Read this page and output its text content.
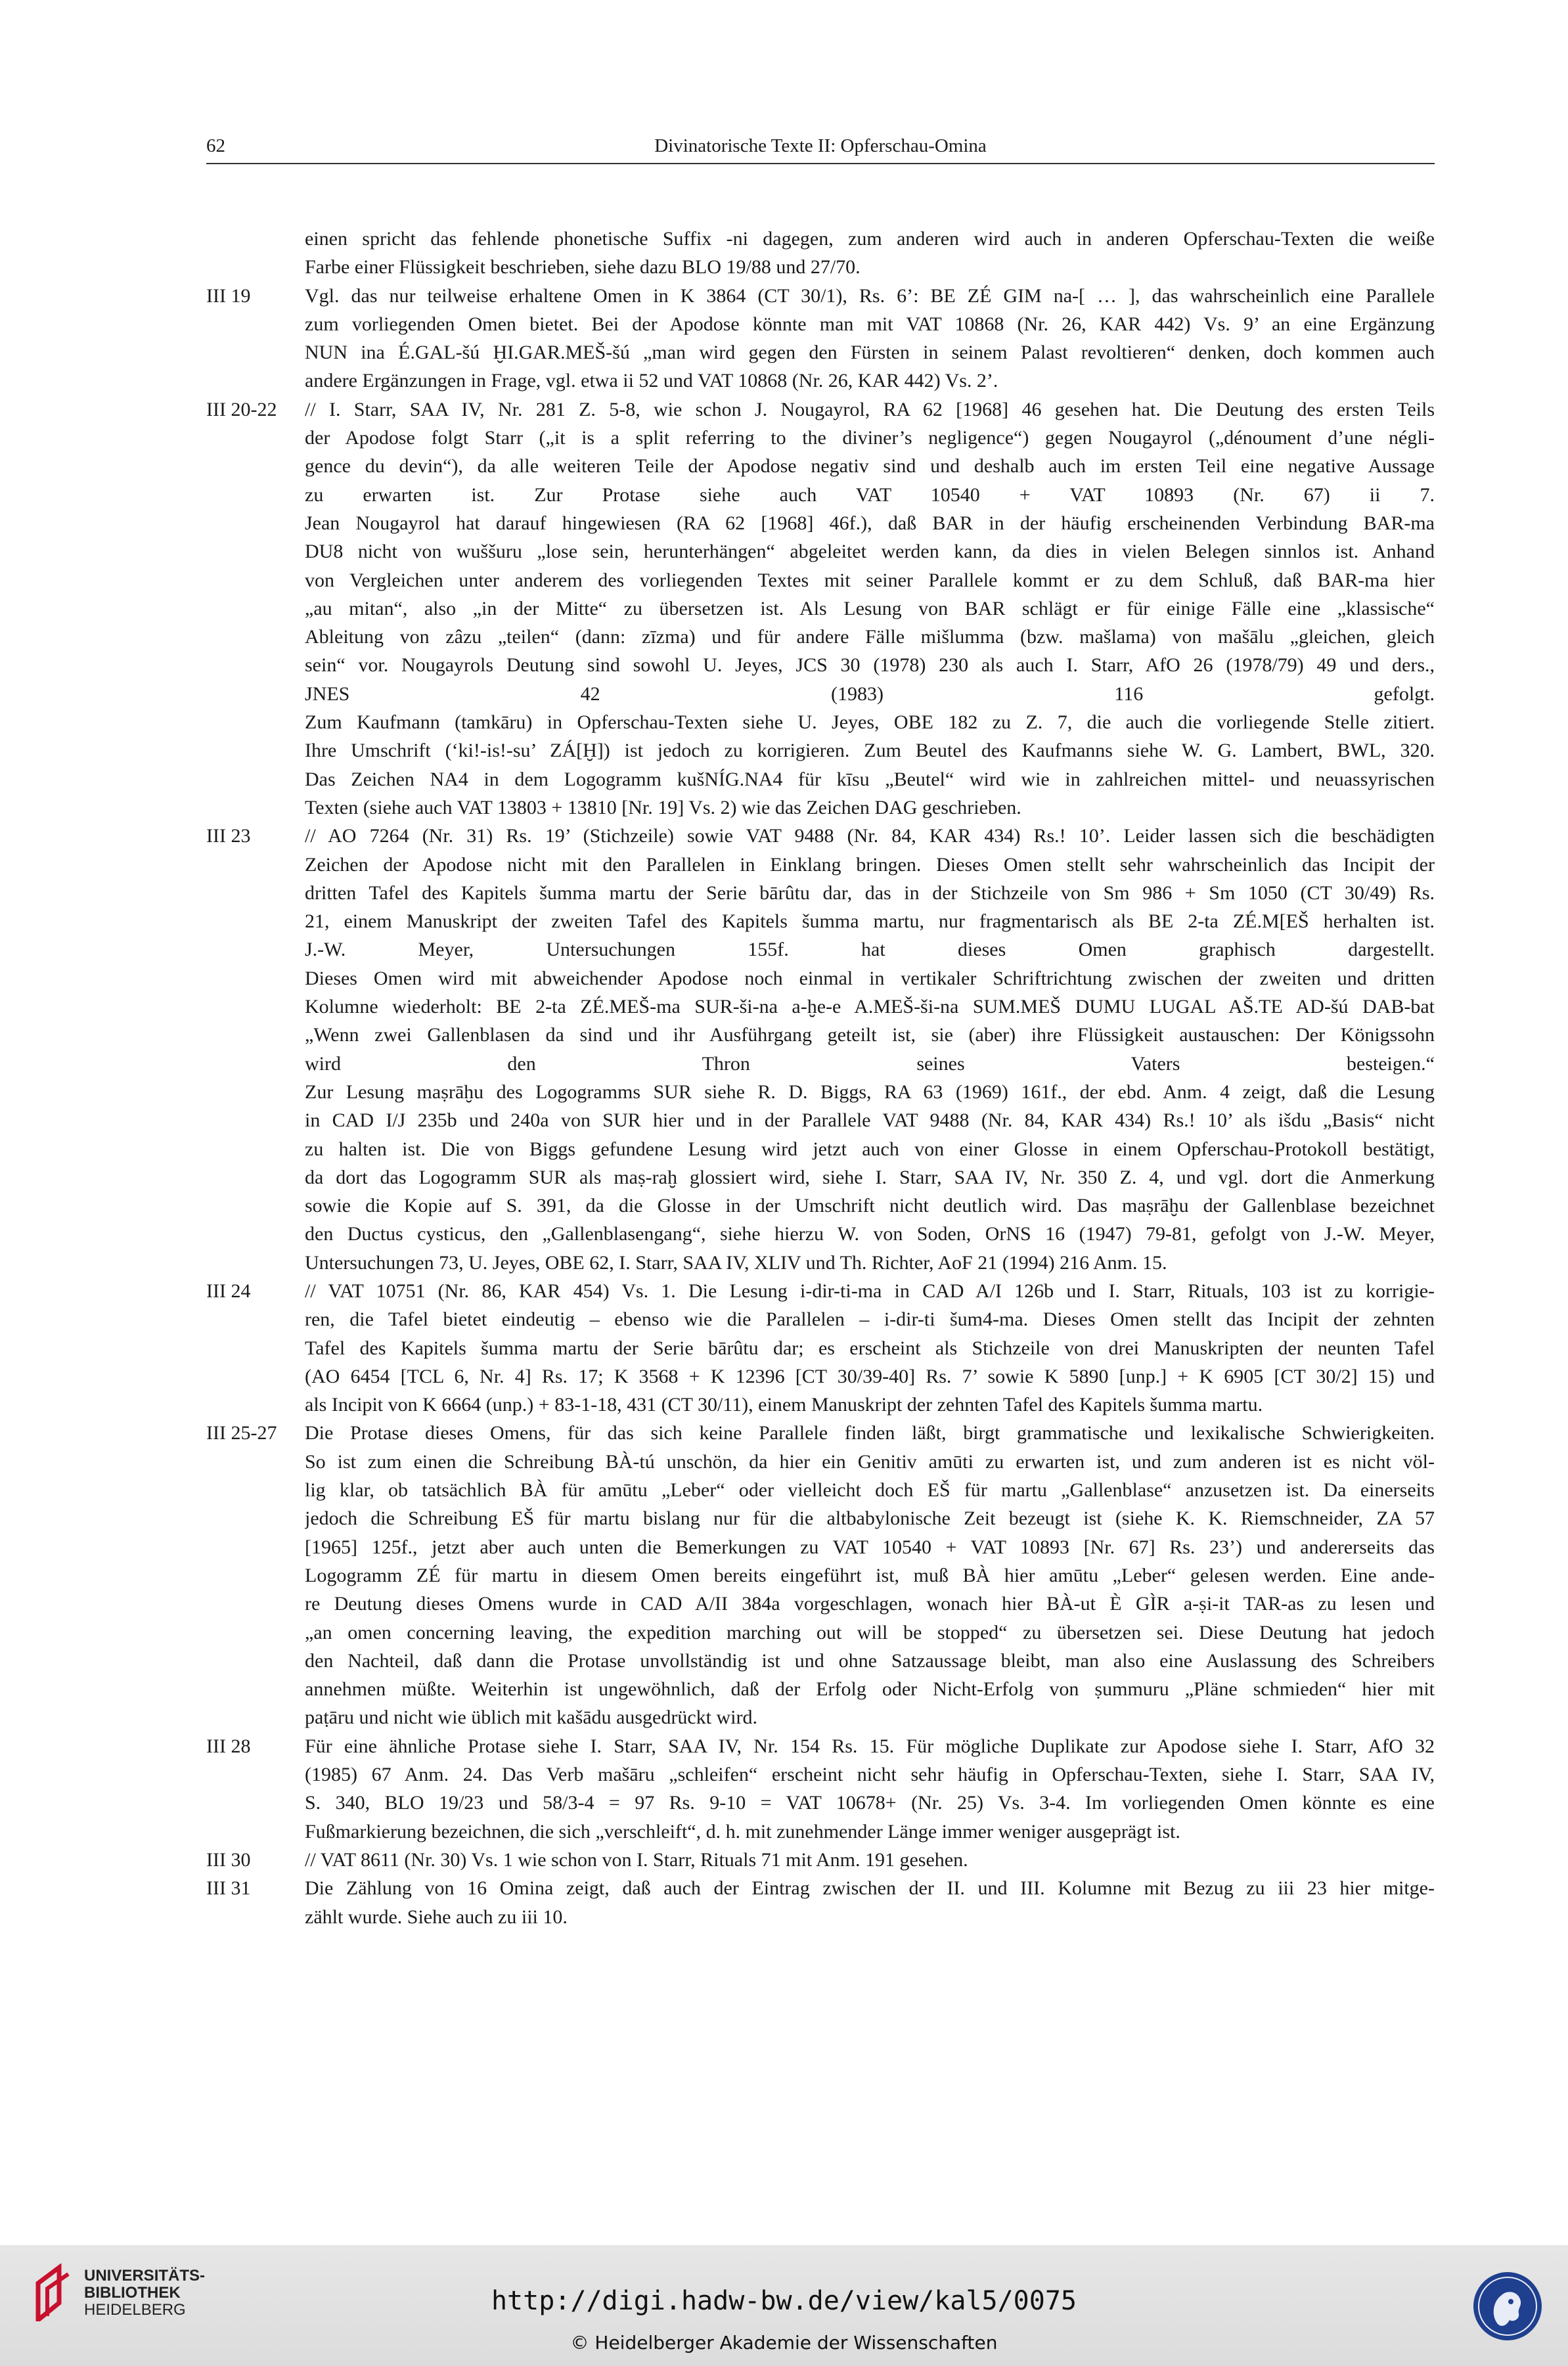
62	Divinatorische Texte II: Opferschau-Omina
einen spricht das fehlende phonetische Suffix -ni dagegen, zum anderen wird auch in anderen Opferschau-Texten die weiße
Farbe einer Flüssigkeit beschrieben, siehe dazu BLO 19/88 und 27/70.
III 19	Vgl. das nur teilweise erhaltene Omen in K 3864 (CT 30/1), Rs. 6’: BE ZÉ GIM na-[ … ], das wahrscheinlich eine Parallele
zum vorliegenden Omen bietet. Bei der Apodose könnte man mit VAT 10868 (Nr. 26, KAR 442) Vs. 9’ an eine Ergänzung
NUN ina É.GAL-šú ḪI.GAR.MEŠ-šú „man wird gegen den Fürsten in seinem Palast revoltieren“ denken, doch kommen auch
andere Ergänzungen in Frage, vgl. etwa ii 52 und VAT 10868 (Nr. 26, KAR 442) Vs. 2’.
III 20-22 // I. Starr, SAA IV, Nr. 281 Z. 5-8, wie schon J. Nougayrol, RA 62 [1968] 46 gesehen hat. Die Deutung des ersten Teils
der Apodose folgt Starr („it is a split referring to the diviner’s negligence“) gegen Nougayrol („dénoument d’une négli-
gence du devin“), da alle weiteren Teile der Apodose negativ sind und deshalb auch im ersten Teil eine negative Aussage
zu erwarten ist. Zur Protase siehe auch VAT 10540 + VAT 10893 (Nr. 67) ii 7.
Jean Nougayrol hat darauf hingewiesen (RA 62 [1968] 46f.), daß BAR in der häufig erscheinenden Verbindung BAR-ma
DU8 nicht von wuššuru „lose sein, herunterhängen“ abgeleitet werden kann, da dies in vielen Belegen sinnlos ist. Anhand
von Vergleichen unter anderem des vorliegenden Textes mit seiner Parallele kommt er zu dem Schluß, daß BAR-ma hier
„au mitan“, also „in der Mitte“ zu übersetzen ist. Als Lesung von BAR schlägt er für einige Fälle eine „klassische“
Ableitung von zâzu „teilen“ (dann: zīzma) und für andere Fälle mišlumma (bzw. mašlama) von mašālu „gleichen, gleich
sein“ vor. Nougayrols Deutung sind sowohl U. Jeyes, JCS 30 (1978) 230 als auch I. Starr, AfO 26 (1978/79) 49 und ders.,
JNES 42 (1983) 116 gefolgt.
Zum Kaufmann (tamkāru) in Opferschau-Texten siehe U. Jeyes, OBE 182 zu Z. 7, die auch die vorliegende Stelle zitiert.
Ihre Umschrift (‘ki!-is!-su’ ZÁ[Ḫ]) ist jedoch zu korrigieren. Zum Beutel des Kaufmanns siehe W. G. Lambert, BWL, 320.
Das Zeichen NA4 in dem Logogramm kušNÍG.NA4 für kīsu „Beutel“ wird wie in zahlreichen mittel- und neuassyrischen
Texten (siehe auch VAT 13803 + 13810 [Nr. 19] Vs. 2) wie das Zeichen DAG geschrieben.
III 23	// AO 7264 (Nr. 31) Rs. 19’ (Stichzeile) sowie VAT 9488 (Nr. 84, KAR 434) Rs.! 10’. Leider lassen sich die beschädigten
Zeichen der Apodose nicht mit den Parallelen in Einklang bringen. Dieses Omen stellt sehr wahrscheinlich das Incipit der
dritten Tafel des Kapitels šumma martu der Serie bārûtu dar, das in der Stichzeile von Sm 986 + Sm 1050 (CT 30/49) Rs.
21, einem Manuskript der zweiten Tafel des Kapitels šumma martu, nur fragmentarisch als BE 2-ta ZÉ.M[EŠ herhalten ist.
J.-W. Meyer, Untersuchungen 155f. hat dieses Omen graphisch dargestellt.
Dieses Omen wird mit abweichender Apodose noch einmal in vertikaler Schriftrichtung zwischen der zweiten und dritten
Kolumne wiederholt: BE 2-ta ZÉ.MEŠ-ma SUR-ši-na a-ḫe-e A.MEŠ-ši-na SUM.MEŠ DUMU LUGAL AŠ.TE AD-šú DAB-bat
„Wenn zwei Gallenblasen da sind und ihr Ausführgang geteilt ist, sie (aber) ihre Flüssigkeit austauschen: Der Königssohn
wird den Thron seines Vaters besteigen.“
Zur Lesung maṣrāḫu des Logogramms SUR siehe R. D. Biggs, RA 63 (1969) 161f., der ebd. Anm. 4 zeigt, daß die Lesung
in CAD I/J 235b und 240a von SUR hier und in der Parallele VAT 9488 (Nr. 84, KAR 434) Rs.! 10’ als išdu „Basis“ nicht
zu halten ist. Die von Biggs gefundene Lesung wird jetzt auch von einer Glosse in einem Opferschau-Protokoll bestätigt,
da dort das Logogramm SUR als maṣ-raḫ glossiert wird, siehe I. Starr, SAA IV, Nr. 350 Z. 4, und vgl. dort die Anmerkung
sowie die Kopie auf S. 391, da die Glosse in der Umschrift nicht deutlich wird. Das maṣrāḫu der Gallenblase bezeichnet
den Ductus cysticus, den „Gallenblasengang“, siehe hierzu W. von Soden, OrNS 16 (1947) 79-81, gefolgt von J.-W. Meyer,
Untersuchungen 73, U. Jeyes, OBE 62, I. Starr, SAA IV, XLIV und Th. Richter, AoF 21 (1994) 216 Anm. 15.
III 24	// VAT 10751 (Nr. 86, KAR 454) Vs. 1. Die Lesung i-dir-ti-ma in CAD A/I 126b und I. Starr, Rituals, 103 ist zu korrigie-
ren, die Tafel bietet eindeutig – ebenso wie die Parallelen – i-dir-ti šum4-ma. Dieses Omen stellt das Incipit der zehnten
Tafel des Kapitels šumma martu der Serie bārûtu dar; es erscheint als Stichzeile von drei Manuskripten der neunten Tafel
(AO 6454 [TCL 6, Nr. 4] Rs. 17; K 3568 + K 12396 [CT 30/39-40] Rs. 7’ sowie K 5890 [unp.] + K 6905 [CT 30/2] 15) und
als Incipit von K 6664 (unp.) + 83-1-18, 431 (CT 30/11), einem Manuskript der zehnten Tafel des Kapitels šumma martu.
III 25-27 Die Protase dieses Omens, für das sich keine Parallele finden läßt, birgt grammatische und lexikalische Schwierigkeiten.
So ist zum einen die Schreibung BÀ-tú unschön, da hier ein Genitiv amūti zu erwarten ist, und zum anderen ist es nicht völ-
lig klar, ob tatsächlich BÀ für amūtu „Leber“ oder vielleicht doch EŠ für martu „Gallenblase“ anzusetzen ist. Da einerseits
jedoch die Schreibung EŠ für martu bislang nur für die altbabylonische Zeit bezeugt ist (siehe K. K. Riemschneider, ZA 57
[1965] 125f., jetzt aber auch unten die Bemerkungen zu VAT 10540 + VAT 10893 [Nr. 67] Rs. 23’) und andererseits das
Logogramm ZÉ für martu in diesem Omen bereits eingeführt ist, muß BÀ hier amūtu „Leber“ gelesen werden. Eine ande-
re Deutung dieses Omens wurde in CAD A/II 384a vorgeschlagen, wonach hier BÀ-ut È GÌR a-ṣi-it TAR-as zu lesen und
„an omen concerning leaving, the expedition marching out will be stopped“ zu übersetzen sei. Diese Deutung hat jedoch
den Nachteil, daß dann die Protase unvollständig ist und ohne Satzaussage bleibt, man also eine Auslassung des Schreibers
annehmen müßte. Weiterhin ist ungewöhnlich, daß der Erfolg oder Nicht-Erfolg von ṣummuru „Pläne schmieden“ hier mit
paṭāru und nicht wie üblich mit kašādu ausgedrückt wird.
III 28	Für eine ähnliche Protase siehe I. Starr, SAA IV, Nr. 154 Rs. 15. Für mögliche Duplikate zur Apodose siehe I. Starr, AfO 32
(1985) 67 Anm. 24. Das Verb mašāru „schleifen“ erscheint nicht sehr häufig in Opferschau-Texten, siehe I. Starr, SAA IV,
S. 340, BLO 19/23 und 58/3-4 = 97 Rs. 9-10 = VAT 10678+ (Nr. 25) Vs. 3-4. Im vorliegenden Omen könnte es eine
Fußmarkierung bezeichnen, die sich „verschleift“, d. h. mit zunehmender Länge immer weniger ausgeprägt ist.
III 30	// VAT 8611 (Nr. 30) Vs. 1 wie schon von I. Starr, Rituals 71 mit Anm. 191 gesehen.
III 31	Die Zählung von 16 Omina zeigt, daß auch der Eintrag zwischen der II. und III. Kolumne mit Bezug zu iii 23 hier mitge-
zählt wurde. Siehe auch zu iii 10.
UNIVERSITÄTS-
BIBLIOTHEK
HEIDELBERG	http://digi.hadw-bw.de/view/kal5/0075
© Heidelberger Akademie der Wissenschaften
